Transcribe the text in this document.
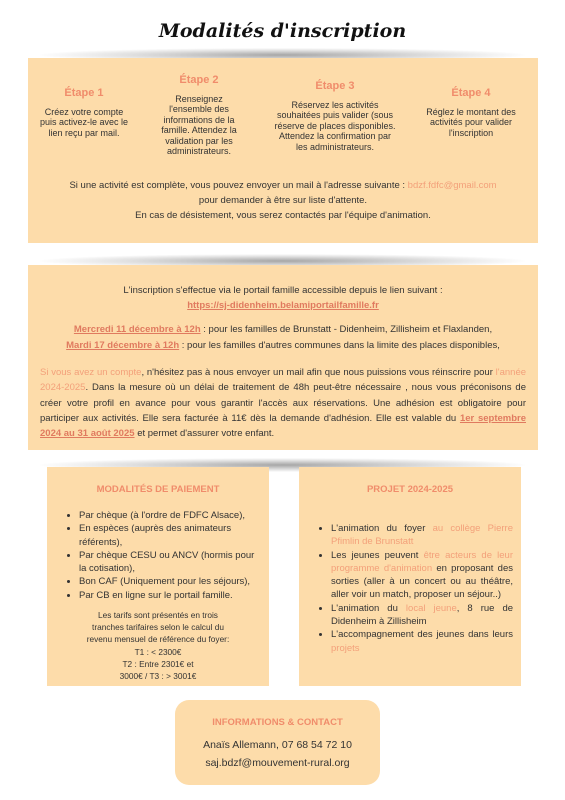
Modalités d'inscription
Étape 1
Créez votre compte puis activez-le avec le lien reçu par mail.
Étape 2
Renseignez l'ensemble des informations de la famille. Attendez la validation par les administrateurs.
Étape 3
Réservez les activités souhaitées puis valider (sous réserve de places disponibles. Attendez la confirmation par les administrateurs.
Étape 4
Réglez le montant des activités pour valider l'inscription
Si une activité est complète, vous pouvez envoyer un mail à l'adresse suivante : bdzf.fdfc@gmail.com
pour demander à être sur liste d'attente.
En cas de désistement, vous serez contactés par l'équipe d'animation.
L'inscription s'effectue via le portail famille accessible depuis le lien suivant :
https://sj-didenheim.belamiportailfamille.fr
Mercredi 11 décembre à 12h : pour les familles de Brunstatt - Didenheim, Zillisheim et Flaxlanden,
Mardi 17 décembre à 12h : pour les familles d'autres communes dans la limite des places disponibles,
Si vous avez un compte, n'hésitez pas à nous envoyer un mail afin que nous puissions vous réinscrire pour l'année 2024-2025. Dans la mesure où un délai de traitement de 48h peut-être nécessaire , nous vous préconisons de créer votre profil en avance pour vous garantir l'accès aux réservations. Une adhésion est obligatoire pour participer aux activités. Elle sera facturée à 11€ dès la demande d'adhésion. Elle est valable du 1er septembre 2024 au 31 août 2025 et permet d'assurer votre enfant.
MODALITÉS DE PAIEMENT
• Par chèque (à l'ordre de FDFC Alsace),
• En espèces (auprès des animateurs référents),
• Par chèque CESU ou ANCV (hormis pour la cotisation),
• Bon CAF (Uniquement pour les séjours),
• Par CB en ligne sur le portail famille.
Les tarifs sont présentés en trois tranches tarifaires selon le calcul du revenu mensuel de référence du foyer:
T1 : < 2300€
T2 : Entre 2301€ et
3000€ / T3 : > 3001€
PROJET 2024-2025
• L'animation du foyer au collège Pierre Pfimlin de Brunstatt
• Les jeunes peuvent être acteurs de leur programme d'animation en proposant des sorties (aller à un concert ou au théâtre, aller voir un match, proposer un séjour..)
• L'animation du local jeune, 8 rue de Didenheim à Zillisheim
• L'accompagnement des jeunes dans leurs projets
INFORMATIONS & CONTACT
Anaïs Allemann, 07 68 54 72 10
saj.bdzf@mouvement-rural.org
